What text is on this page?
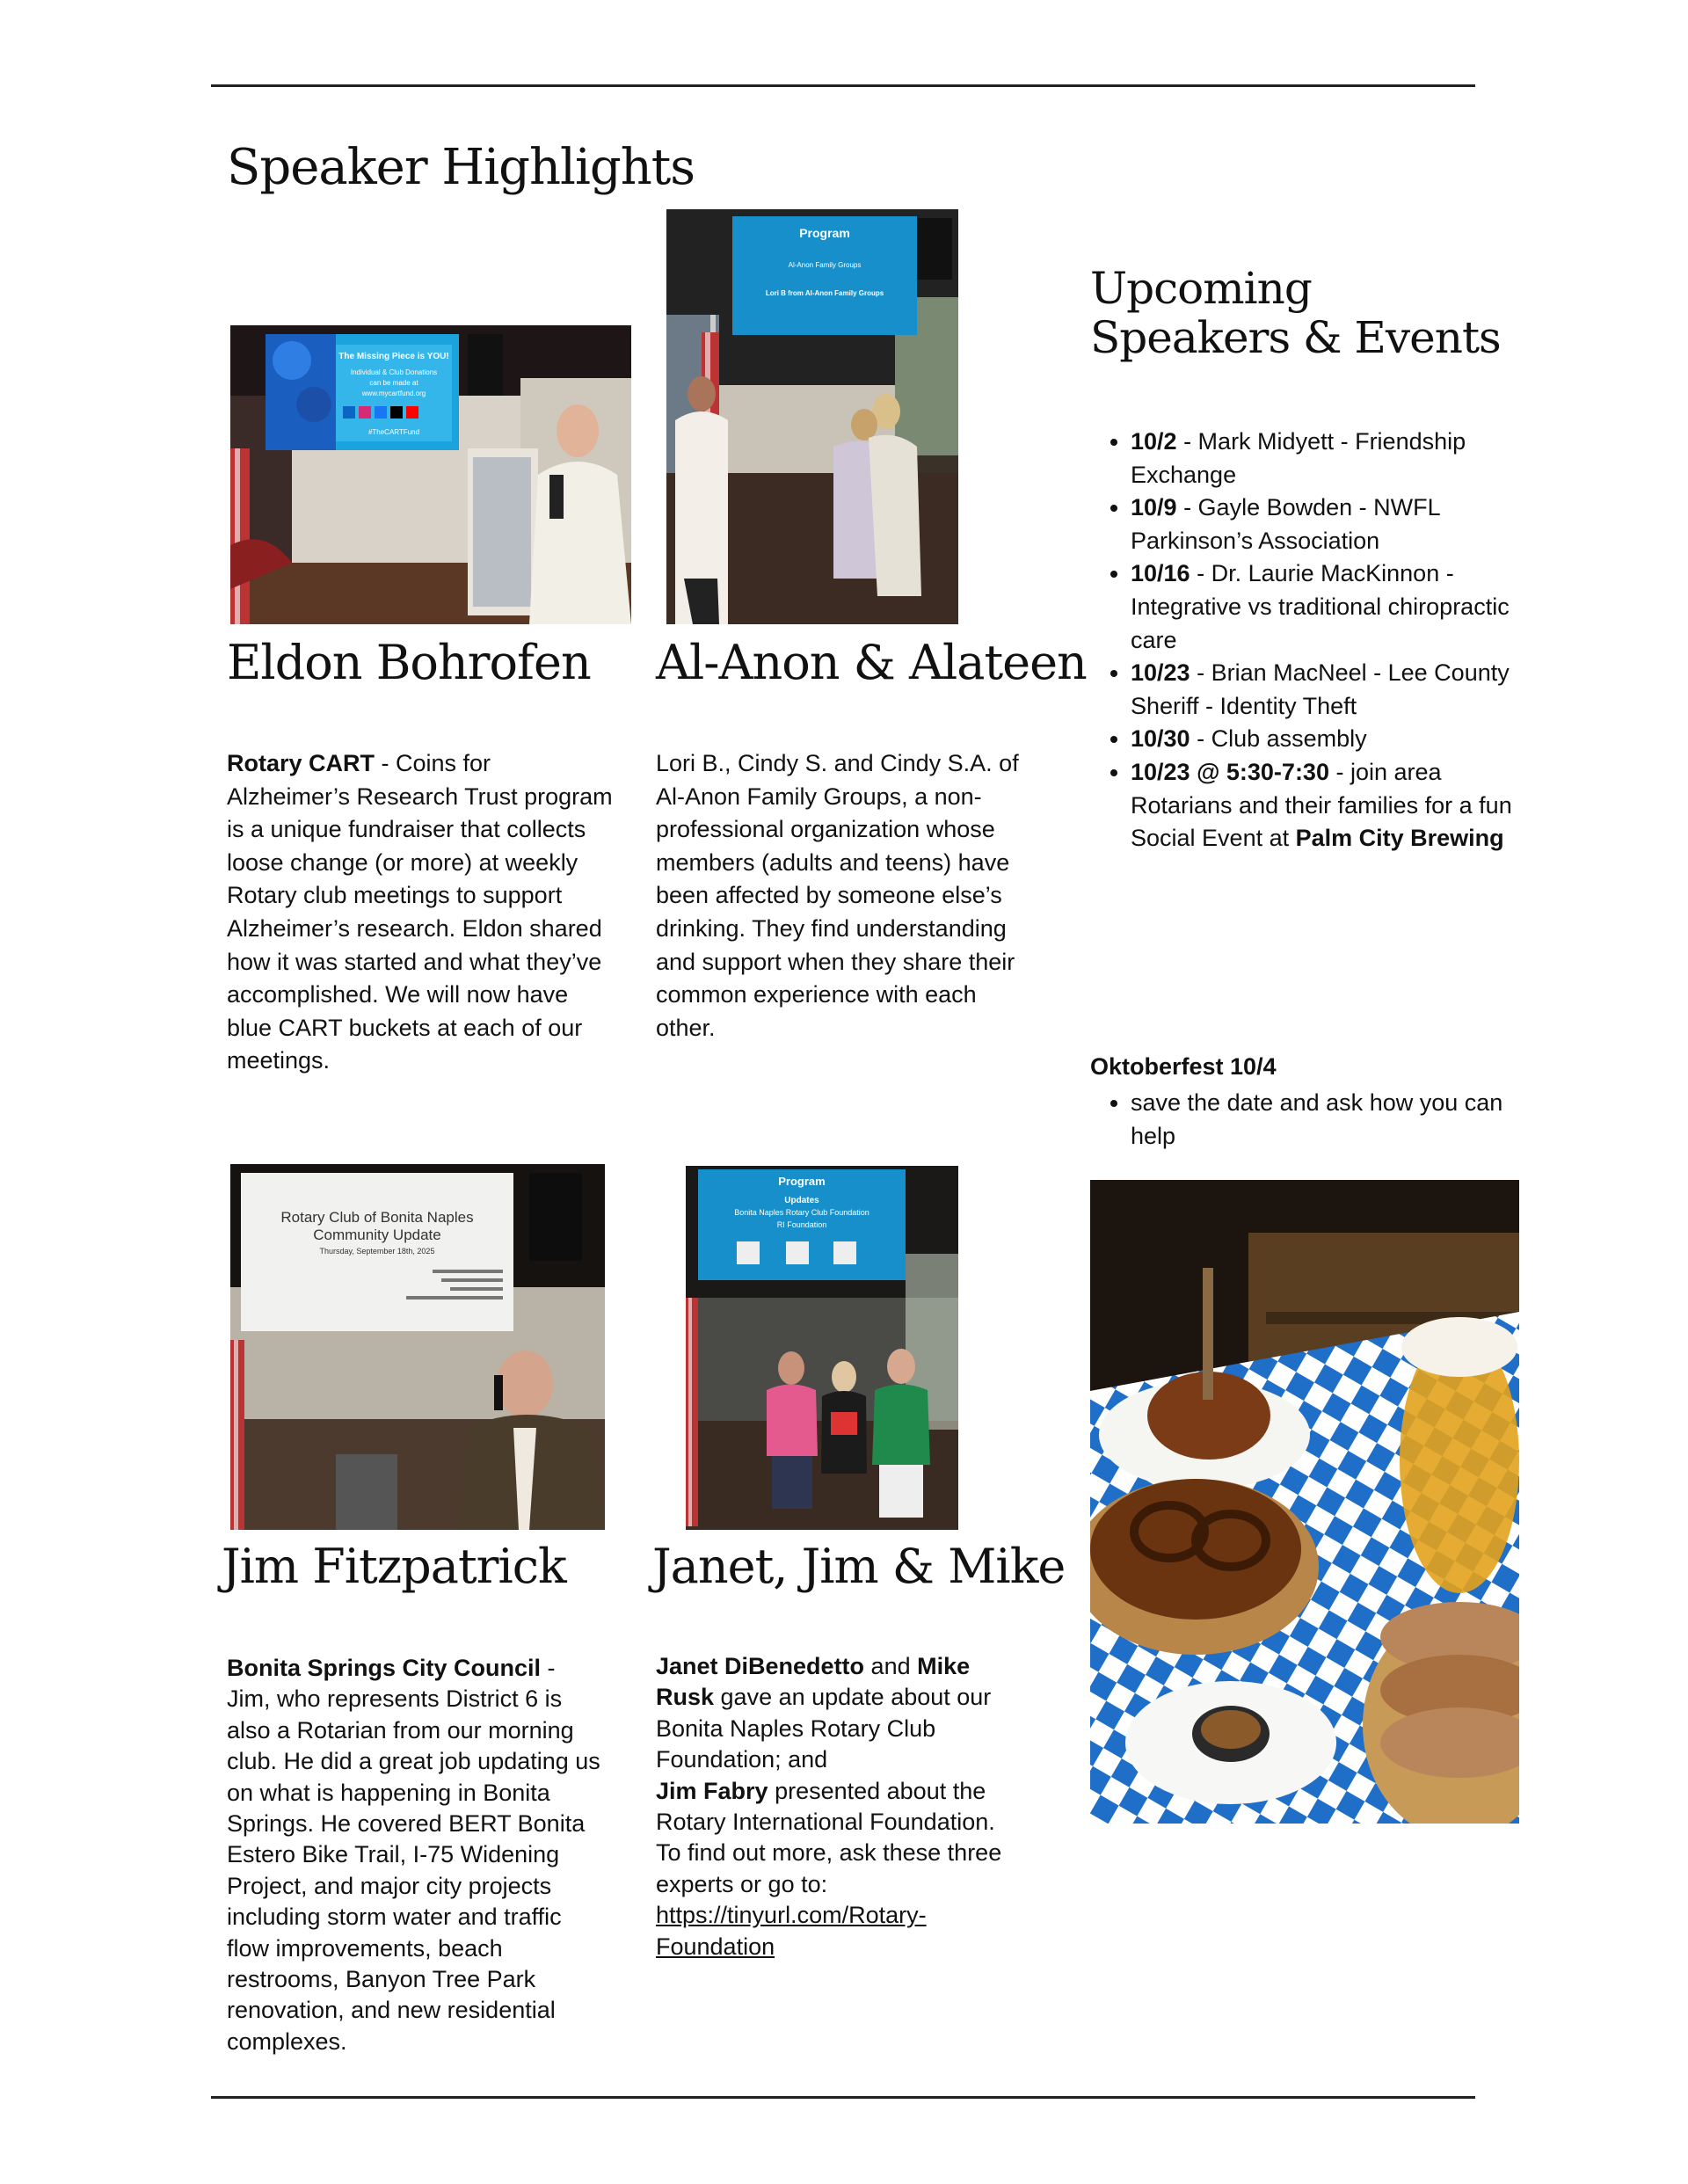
Speaker Highlights
The Missing Piece is YOU!
Individual & Club Donations
can be made at
www.mycartfund.org
#TheCARTFund
Program
Al-Anon Family Groups
Lori B from Al-Anon Family Groups
Eldon Bohrofen Al-Anon & Alateen

Rotary CART - Coins for Alzheimer’s Research Trust program is a unique fundraiser that collects loose change (or more) at weekly Rotary club meetings to support Alzheimer’s research. Eldon shared how it was started and what they’ve accomplished. We will now have blue CART buckets at each of our meetings.

Lori B., Cindy S. and Cindy S.A. of Al-Anon Family Groups, a non-professional organization whose members (adults and teens) have been affected by someone else’s drinking. They find understanding and support when they share their common experience with each other.

Rotary Club of Bonita Naples
Community Update
Thursday, September 18th, 2025
Program
Updates
Bonita Naples Rotary Club Foundation
RI Foundation
Jim Fitzpatrick Janet, Jim & Mike

Bonita Springs City Council - Jim, who represents District 6 is also a Rotarian from our morning club. He did a great job updating us on what is happening in Bonita Springs. He covered BERT Bonita Estero Bike Trail, I-75 Widening Project, and major city projects including storm water and traffic flow improvements, beach restrooms, Banyon Tree Park renovation, and new residential complexes.

Janet DiBenedetto and Mike Rusk gave an update about our Bonita Naples Rotary Club Foundation; and
Jim Fabry presented about the Rotary International Foundation.
To find out more, ask these three experts or go to:
https://tinyurl.com/Rotary-
Foundation

Upcoming
Speakers & Events
• 10/2 - Mark Midyett - Friendship Exchange
• 10/9 - Gayle Bowden - NWFL Parkinson’s Association
• 10/16 - Dr. Laurie MacKinnon - Integrative vs traditional chiropractic care
• 10/23 - Brian MacNeel - Lee County Sheriff - Identity Theft
• 10/30 - Club assembly
• 10/23 @ 5:30-7:30 - join area Rotarians and their families for a fun Social Event at Palm City Brewing

Oktoberfest 10/4

• save the date and ask how you can help
